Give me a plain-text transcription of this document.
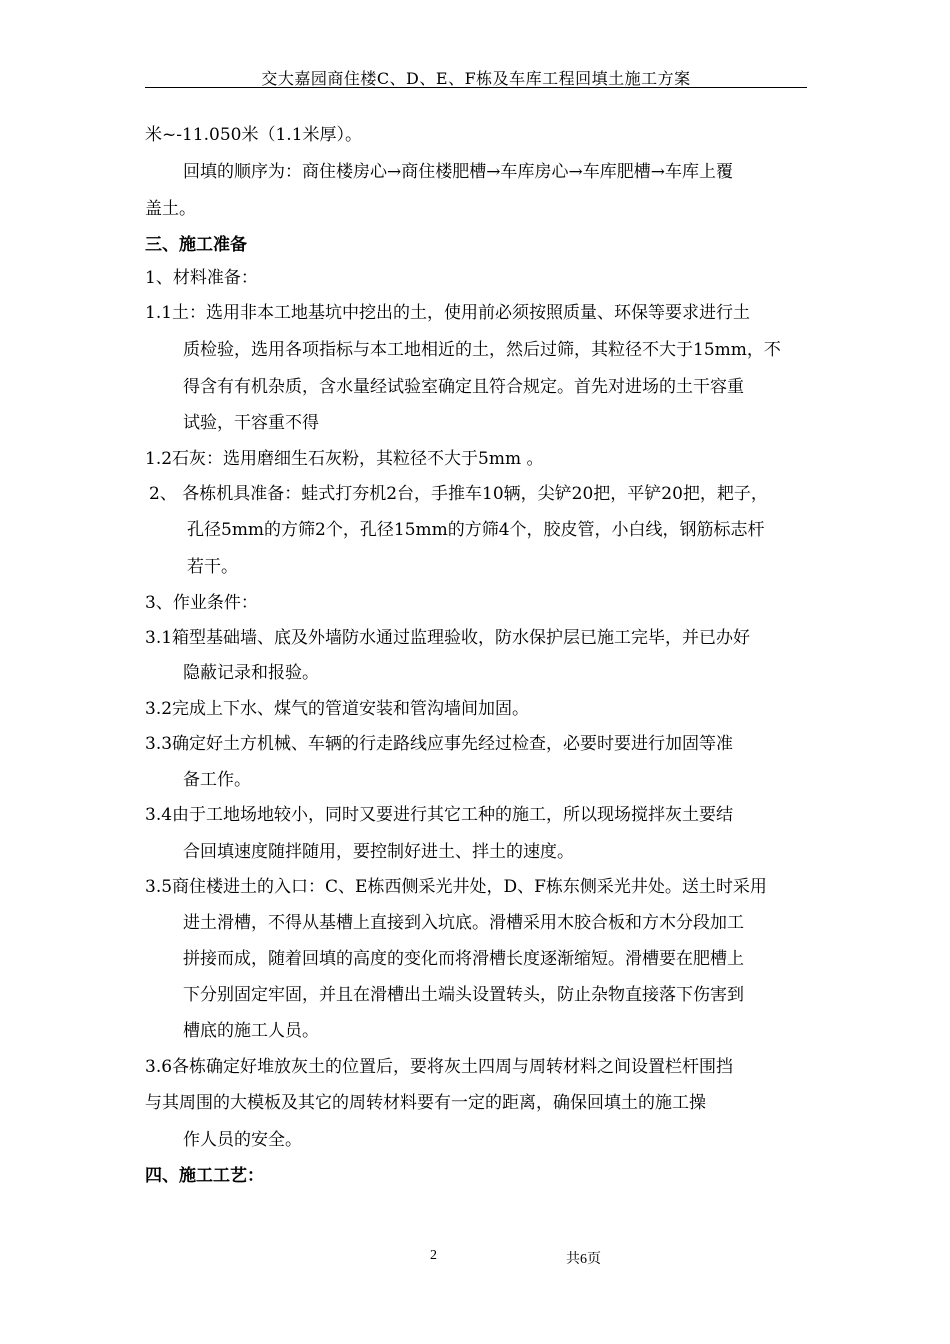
交大嘉园商住楼C、D、E、F栋及车库工程回填土施工方案
米~-11.050米（1.1米厚）。
回填的顺序为：商住楼房心→商住楼肥槽→车库房心→车库肥槽→车库上覆
盖土。
三、施工准备
1、材料准备：
1.1土：选用非本工地基坑中挖出的土，使用前必须按照质量、环保等要求进行土
质检验，选用各项指标与本工地相近的土，然后过筛，其粒径不大于15mm，不
得含有有机杂质，含水量经试验室确定且符合规定。首先对进场的土干容重
试验，干容重不得
1.2石灰：选用磨细生石灰粉，其粒径不大于5mm 。
2、 各栋机具准备：蛙式打夯机2台，手推车10辆，尖铲20把，平铲20把，耙子，
孔径5mm的方筛2个，孔径15mm的方筛4个，胶皮管，小白线，钢筋标志杆
若干。
3、作业条件：
3.1箱型基础墙、底及外墙防水通过监理验收，防水保护层已施工完毕，并已办好
隐蔽记录和报验。
3.2完成上下水、煤气的管道安装和管沟墙间加固。
3.3确定好土方机械、车辆的行走路线应事先经过检查，必要时要进行加固等准
备工作。
3.4由于工地场地较小，同时又要进行其它工种的施工，所以现场搅拌灰土要结
合回填速度随拌随用，要控制好进土、拌土的速度。
3.5商住楼进土的入口：C、E栋西侧采光井处，D、F栋东侧采光井处。送土时采用
进土滑槽，不得从基槽上直接到入坑底。滑槽采用木胶合板和方木分段加工
拼接而成，随着回填的高度的变化而将滑槽长度逐渐缩短。滑槽要在肥槽上
下分别固定牢固，并且在滑槽出土端头设置转头，防止杂物直接落下伤害到
槽底的施工人员。
3.6各栋确定好堆放灰土的位置后，要将灰土四周与周转材料之间设置栏杆围挡
与其周围的大模板及其它的周转材料要有一定的距离，确保回填土的施工操
作人员的安全。
四、施工工艺：
2	共6页
